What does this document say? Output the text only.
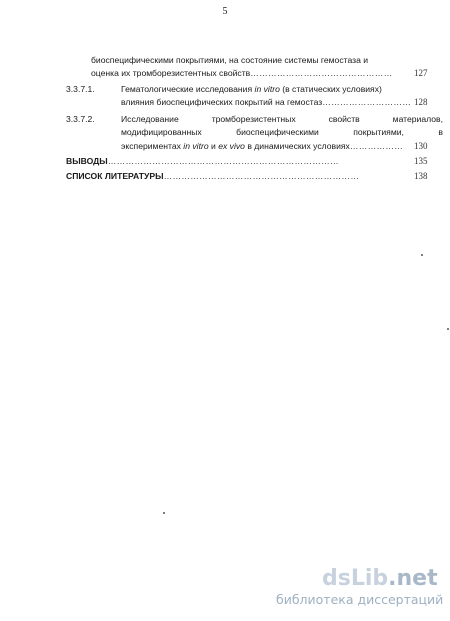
5
биоспецифическими покрытиями, на состояние системы гемостаза и
оценка их тромборезистентных свойств………………………………………… 127
3.3.7.1.	Гематологические исследования in vitro (в статических условиях)
влияния биоспецифических покрытий на гемостаз………………………… 128
3.3.7.2.	Исследование	тромборезистентных	свойств	материалов,
модифицированных	биоспецифическими	покрытиями,	в
экспериментах in vitro и ex vivo в динамических условиях……………… 130
ВЫВОДЫ……………………………………………………………………	135
СПИСОК ЛИТЕРАТУРЫ…………………………………………………………	138
dsLib.net
библиотека диссертаций
